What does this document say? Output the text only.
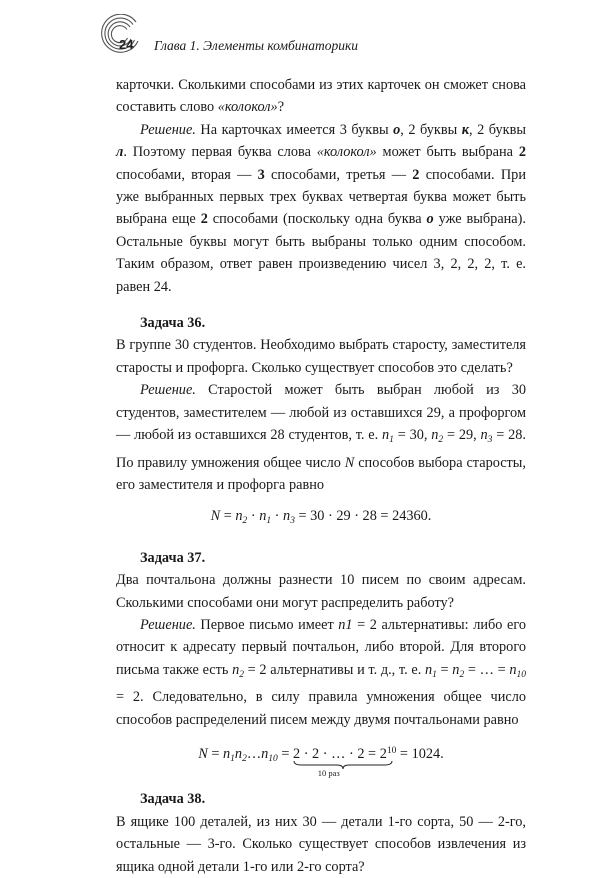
24 Глава 1. Элементы комбинаторики

карточки. Сколькими способами из этих карточек он сможет снова составить слово «колокол»?

Решение. На карточках имеется 3 буквы о, 2 буквы к, 2 буквы л. Поэтому первая буква слова «колокол» может быть выбрана 2 способами, вторая — 3 способами, третья — 2 способами. При уже выбранных первых трех буквах четвертая буква может быть выбрана еще 2 способами (поскольку одна буква о уже выбрана). Остальные буквы могут быть выбраны только одним способом. Таким образом, ответ равен произведению чисел 3, 2, 2, 2, т. е. равен 24.

Задача 36.

В группе 30 студентов. Необходимо выбрать старосту, заместителя старосты и профорга. Сколько существует способов это сделать?

Решение. Старостой может быть выбран любой из 30 студентов, заместителем — любой из оставшихся 29, а профоргом — любой из оставшихся 28 студентов, т. е. $n_1 = 30$, $n_2 = 29$, $n_3 = 28$. По правилу умножения общее число N способов выбора старосты, его заместителя и профорга равно

$N = n_2 \cdot n_1 \cdot n_3 = 30 \cdot 29 \cdot 28 = 24360$.

Задача 37.

Два почтальона должны разнести 10 писем по своим адресам. Сколькими способами они могут распределить работу?

Решение. Первое письмо имеет n1 = 2 альтернативы: либо его относит к адресату первый почтальон, либо второй. Для второго письма также есть $n_2 = 2$ альтернативы и т. д., т. е. $n_1 = n_2$ = … = $n_{10} = 2$. Следовательно, в силу правила умножения общее число способов распределений писем между двумя почтальонами равно

$N = n_1n_2\dots n_{10} = 2 \cdot 2$ · … · 2
10 раз
= $2^{10} = 1024$.

Задача 38.

В ящике 100 деталей, из них 30 — детали 1-го сорта, 50 — 2-го, остальные — 3-го. Сколько существует способов извлечения из ящика одной детали 1-го или 2-го сорта?
